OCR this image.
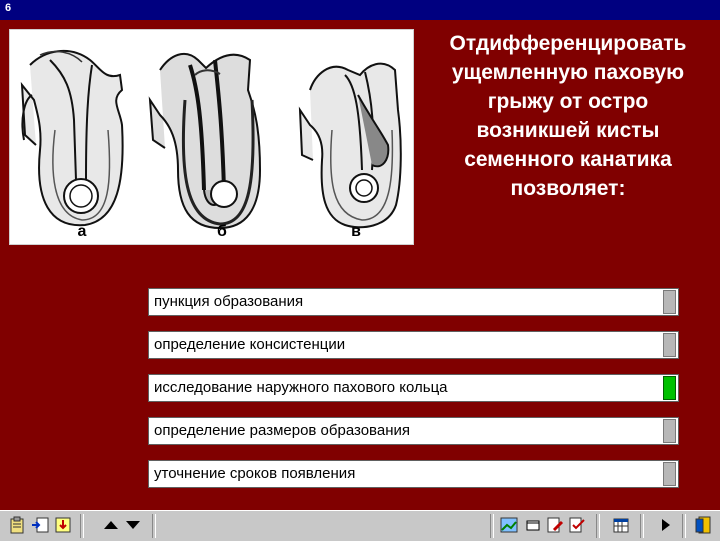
6
а	б	в
Отдифференцировать
ущемленную паховую
грыжу от остро
возникшей кисты
семенного канатика
позволяет:
пункция образования
определение консистенции
исследование наружного пахового кольца
определение размеров образования
уточнение сроков появления
